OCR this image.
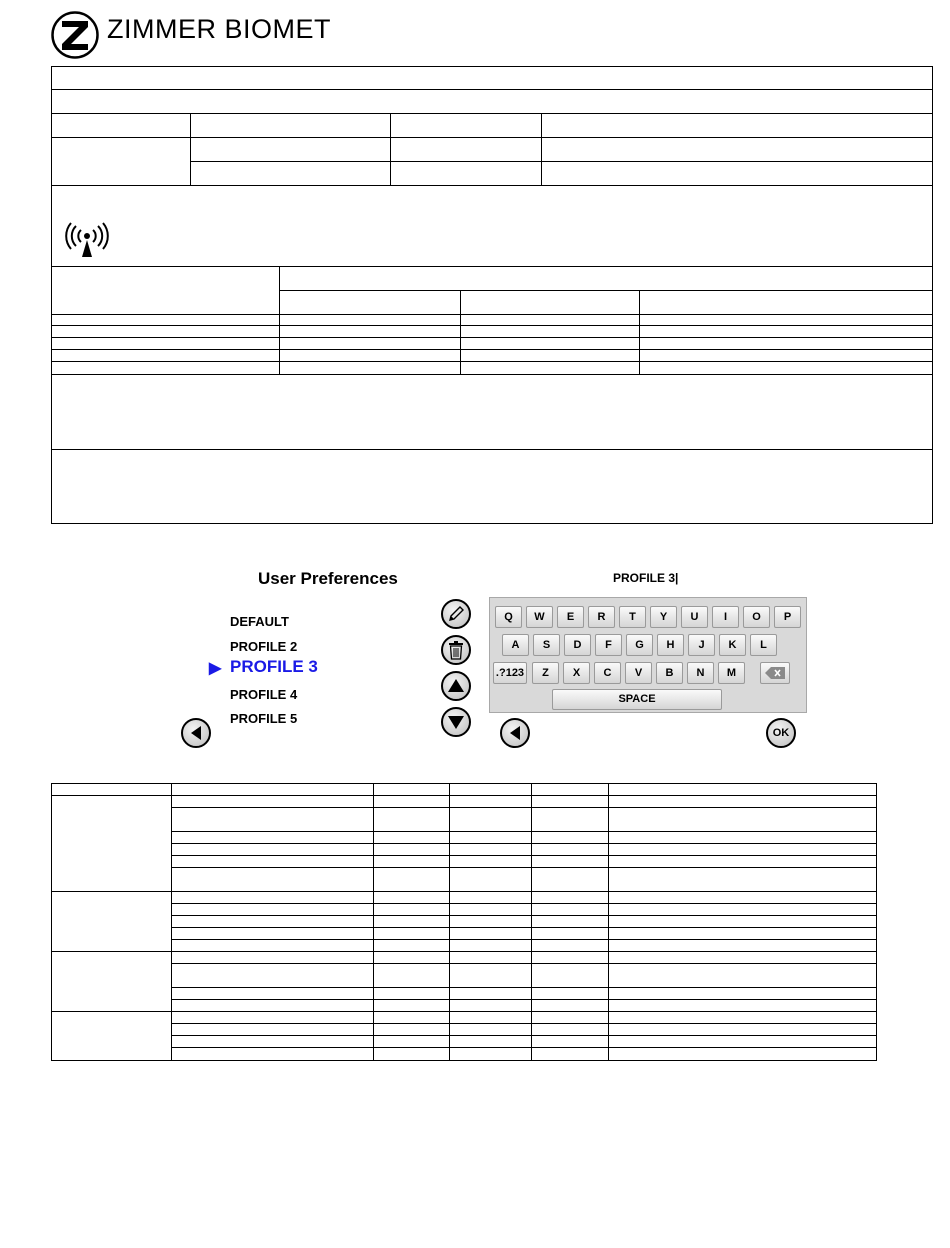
ZIMMER BIOMET
User Preferences
DEFAULT
PROFILE 2
▶ PROFILE 3
PROFILE 4
PROFILE 5
PROFILE 3|
Q	W	E	R	T	Y	U	I	O	P
A	S	D	F	G	H	J	K	L
.?123	Z	X	C	V	B	N	M
SPACE
OK
